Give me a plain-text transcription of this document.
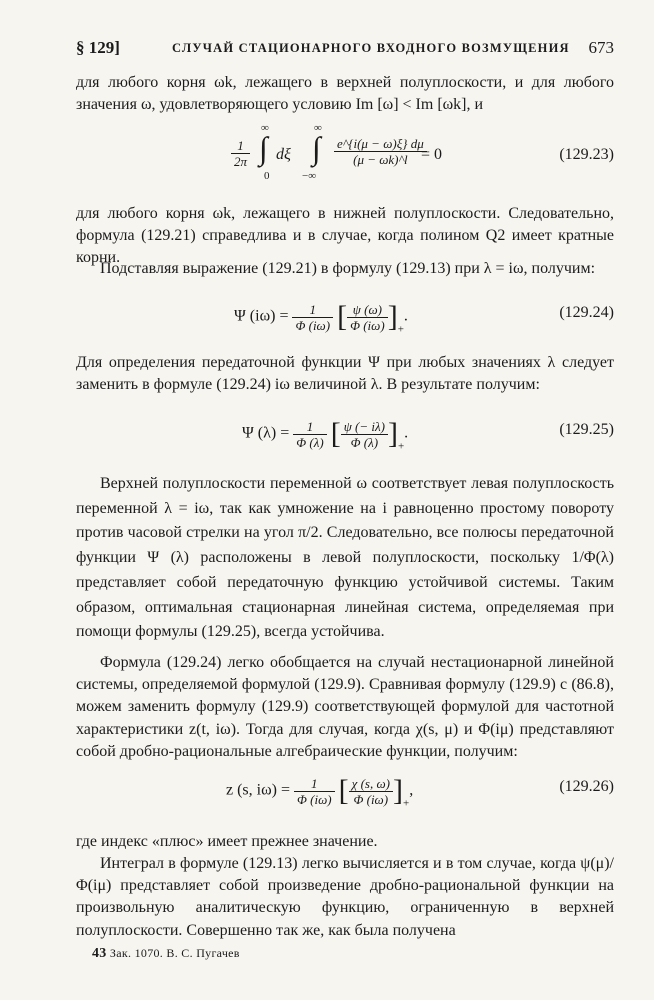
§ 129]	СЛУЧАЙ СТАЦИОНАРНОГО ВХОДНОГО ВОЗМУЩЕНИЯ 673
для любого корня ωk, лежащего в верхней полуплоскости, и для любого значения ω, удовлетворяющего условию Im [ω] < Im [ωk], и
$\frac{1}{2\pi}$ ∫
∞
0
dξ ∫
∞
−∞
$\frac{e\^{}\{i(\mu - \omega)\xi\} d\mu}{(\mu - \omega k)\^{}l}$
= 0	(129.23)
для любого корня ωk, лежащего в нижней полуплоскости. Следовательно, формула (129.21) справедлива и в случае, когда полином Q2 имеет кратные корни.
Подставляя выражение (129.21) в формулу (129.13) при λ = iω, получим:
Ψ $(i\omega) = \frac{1}{\Phi (i\omega)}$ [ $\frac{\psi (\omega)}{\Phi (i\omega)} ]_+$.	(129.24)
Для определения передаточной функции Ψ при любых значениях λ следует заменить в формуле (129.24) iω величиной λ. В результате получим:
Ψ $(\lambda) = \frac{1}{\Phi (\lambda)}$ [ $\frac{\psi (- i\lambda)}{\Phi (\lambda)} ]_+$.	(129.25)
Верхней полуплоскости переменной ω соответствует левая полуплоскость переменной λ = iω, так как умножение на i равноценно простому повороту против часовой стрелки на угол π/2. Следовательно, все полюсы передаточной функции Ψ (λ) расположены в левой полуплоскости, поскольку 1/Φ(λ) представляет собой передаточную функцию устойчивой системы. Таким образом, оптимальная стационарная линейная система, определяемая при помощи формулы (129.25), всегда устойчива.
Формула (129.24) легко обобщается на случай нестационарной линейной системы, определяемой формулой (129.9). Сравнивая формулу (129.9) с (86.8), можем заменить формулу (129.9) соответствующей формулой для частотной характеристики z(t, iω). Тогда для случая, когда χ(s, μ) и Φ(iμ) представляют собой дробно-рациональные алгебраические функции, получим:
z (s, $i\omega) = \frac{1}{\Phi (i\omega)}$ [ $\frac{\chi (s, \omega)}{\Phi (i\omega)} ]_+$,	(129.26)
где индекс «плюс» имеет прежнее значение.
Интеграл в формуле (129.13) легко вычисляется и в том случае, когда ψ(μ)/Φ(iμ) представляет собой произведение дробно-рациональной функции на произвольную аналитическую функцию, ограниченную в верхней полуплоскости. Совершенно так же, как была получена
43 Зак. 1070. В. С. Пугачев
